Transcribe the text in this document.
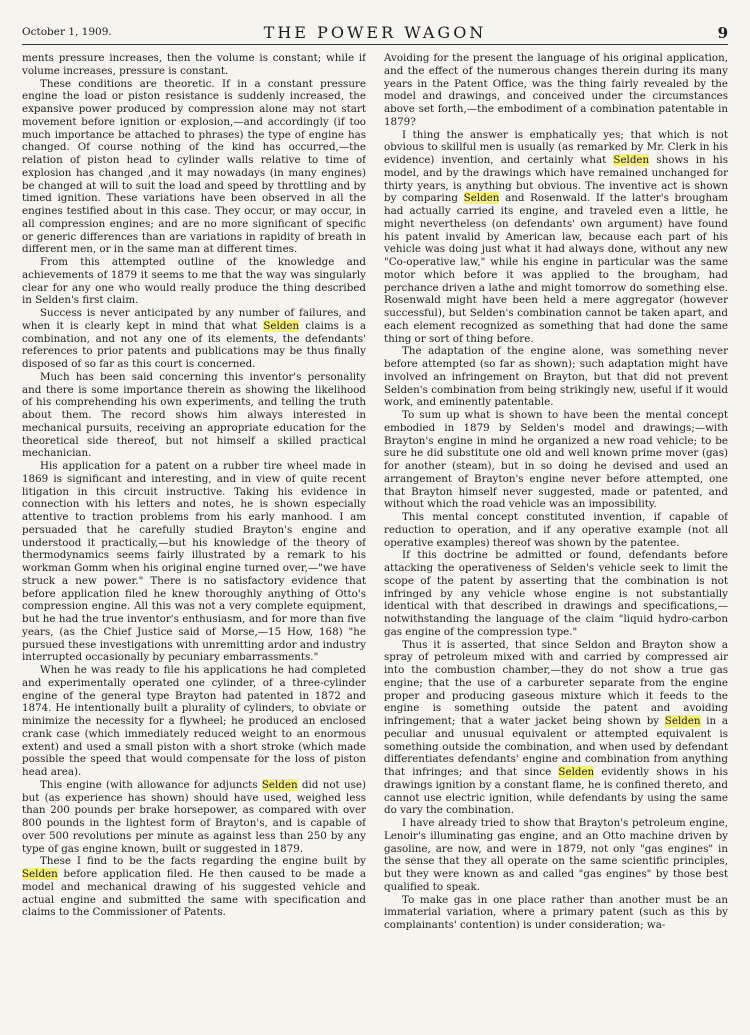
October 1, 1909.	THE POWER WAGON	9

ments pressure increases, then the volume is constant; while if volume increases, pressure is constant.

These conditions are theoretic. If in a constant pressure engine the load or piston resistance is suddenly increased, the expansive power produced by compression alone may not start movement before ignition or explosion,—and accordingly (if too much importance be attached to phrases) the type of engine has changed. Of course nothing of the kind has occurred,—the relation of piston head to cylinder walls relative to time of explosion has changed ,and it may nowadays (in many engines) be changed at will to suit the load and speed by throttling and by timed ignition. These variations have been observed in all the engines testified about in this case. They occur, or may occur, in all compression engines; and are no more significant of specific or generic differences than are variations in rapidity of breath in different men, or in the same man at different times.

From this attempted outline of the knowledge and achievements of 1879 it seems to me that the way was singularly clear for any one who would really produce the thing described in Selden's first claim.

Success is never anticipated by any number of failures, and when it is clearly kept in mind that what Selden claims is a combination, and not any one of its elements, the defendants' references to prior patents and publications may be thus finally disposed of so far as this court is concerned.

Much has been said concerning this inventor's personality and there is some importance therein as showing the likelihood of his comprehending his own experiments, and telling the truth about them. The record shows him always interested in mechanical pursuits, receiving an appropriate education for the theoretical side thereof, but not himself a skilled practical mechanician.

His application for a patent on a rubber tire wheel made in 1869 is significant and interesting, and in view of quite recent litigation in this circuit instructive. Taking his evidence in connection with his letters and notes, he is shown especially attentive to traction problems from his early manhood. I am persuaded that he carefully studied Brayton's engine and understood it practically,—but his knowledge of the theory of thermodynamics seems fairly illustrated by a remark to his workman Gomm when his original engine turned over,—"we have struck a new power." There is no satisfactory evidence that before application filed he knew thoroughly anything of Otto's compression engine. All this was not a very complete equipment, but he had the true inventor's enthusiasm, and for more than five years, (as the Chief Justice said of Morse,—15 How, 168) "he pursued these investigations with unremitting ardor and industry interrupted occasionally by pecuniary embarrassments."

When he was ready to file his applications he had completed and experimentally operated one cylinder, of a three-cylinder engine of the general type Brayton had patented in 1872 and 1874. He intentionally built a plurality of cylinders, to obviate or minimize the necessity for a flywheel; he produced an enclosed crank case (which immediately reduced weight to an enormous extent) and used a small piston with a short stroke (which made possible the speed that would compensate for the loss of piston head area).

This engine (with allowance for adjuncts Selden did not use) but (as experience has shown) should have used, weighed less than 200 pounds per brake horsepower, as compared with over 800 pounds in the lightest form of Brayton's, and is capable of over 500 revolutions per minute as against less than 250 by any type of gas engine known, built or suggested in 1879.

These I find to be the facts regarding the engine built by Selden before application filed. He then caused to be made a model and mechanical drawing of his suggested vehicle and actual engine and submitted the same with specification and claims to the Commissioner of Patents.

Avoiding for the present the language of his original application, and the effect of the numerous changes therein during its many years in the Patent Office, was the thing fairly revealed by the model and drawings, and conceived under the circumstances above set forth,—the embodiment of a combination patentable in 1879?

I thing the answer is emphatically yes; that which is not obvious to skillful men is usually (as remarked by Mr. Clerk in his evidence) invention, and certainly what Selden shows in his model, and by the drawings which have remained unchanged for thirty years, is anything but obvious. The inventive act is shown by comparing Selden and Rosenwald. If the latter's brougham had actually carried its engine, and traveled even a little, he might nevertheless (on defendants' own argument) have found his patent invalid by American law, because each part of his vehicle was doing just what it had always done, without any new "Co-operative law," while his engine in particular was the same motor which before it was applied to the brougham, had perchance driven a lathe and might tomorrow do something else. Rosenwald might have been held a mere aggregator (however successful), but Selden's combination cannot be taken apart, and each element recognized as something that had done the same thing or sort of thing before.

The adaptation of the engine alone, was something never before attempted (so far as shown); such adaptation might have involved an infringement on Brayton, but that did not prevent Selden's combination from being strikingly new, useful if it would work, and eminently patentable.

To sum up what is shown to have been the mental concept embodied in 1879 by Selden's model and drawings;—with Brayton's engine in mind he organized a new road vehicle; to be sure he did substitute one old and well known prime mover (gas) for another (steam), but in so doing he devised and used an arrangement of Brayton's engine never before attempted, one that Brayton himself never suggested, made or patented, and without which the road vehicle was an impossibility.

This mental concept constituted invention, if capable of reduction to operation, and if any operative example (not all operative examples) thereof was shown by the patentee.

If this doctrine be admitted or found, defendants before attacking the operativeness of Selden's vehicle seek to limit the scope of the patent by asserting that the combination is not infringed by any vehicle whose engine is not substantially identical with that described in drawings and specifications,—notwithstanding the language of the claim "liquid hydro-carbon gas engine of the compression type."

Thus it is asserted, that since Seldon and Brayton show a spray of petroleum mixed with and carried by compressed air into the combustion chamber,—they do not show a true gas engine; that the use of a carbureter separate from the engine proper and producing gaseous mixture which it feeds to the engine is something outside the patent and avoiding infringement; that a water jacket being shown by Selden in a peculiar and unusual equivalent or attempted equivalent is something outside the combination, and when used by defendant differentiates defendants' engine and combination from anything that infringes; and that since Selden evidently shows in his drawings ignition by a constant flame, he is confined thereto, and cannot use electric ignition, while defendants by using the same do vary the combination.

I have already tried to show that Brayton's petroleum engine, Lenoir's illuminating gas engine, and an Otto machine driven by gasoline, are now, and were in 1879, not only "gas engines" in the sense that they all operate on the same scientific principles, but they were known as and called "gas engines" by those best qualified to speak.

To make gas in one place rather than another must be an immaterial variation, where a primary patent (such as this by complainants' contention) is under consideration; wa-
